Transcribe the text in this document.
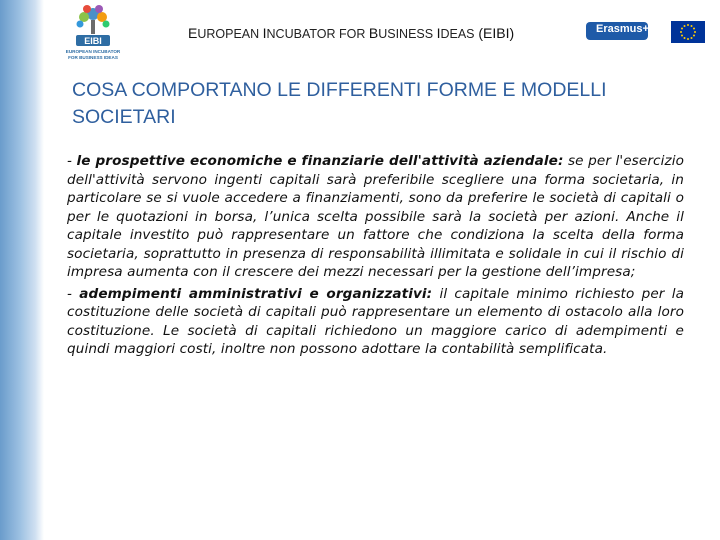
EIBI
EUROPEAN INCUBATOR
FOR BUSINESS IDEAS
EUROPEAN INCUBATOR FOR BUSINESS IDEAS (EIBI)	Erasmus+
COSA COMPORTANO LE DIFFERENTI FORME E MODELLI
SOCIETARI

- le prospettive economiche e finanziarie dell'attività aziendale: se per l'esercizio dell'attività servono ingenti capitali sarà preferibile scegliere una forma societaria, in particolare se si vuole accedere a finanziamenti, sono da preferire le società di capitali o per le quotazioni in borsa, l’unica scelta possibile sarà la società per azioni. Anche il capitale investito può rappresentare un fattore che condiziona la scelta della forma societaria, soprattutto in presenza di responsabilità illimitata e solidale in cui il rischio di impresa aumenta con il crescere dei mezzi necessari per la gestione dell’impresa;

- adempimenti amministrativi e organizzativi: il capitale minimo richiesto per la costituzione delle società di capitali può rappresentare un elemento di ostacolo alla loro costituzione. Le società di capitali richiedono un maggiore carico di adempimenti e quindi maggiori costi, inoltre non possono adottare la contabilità semplificata.
